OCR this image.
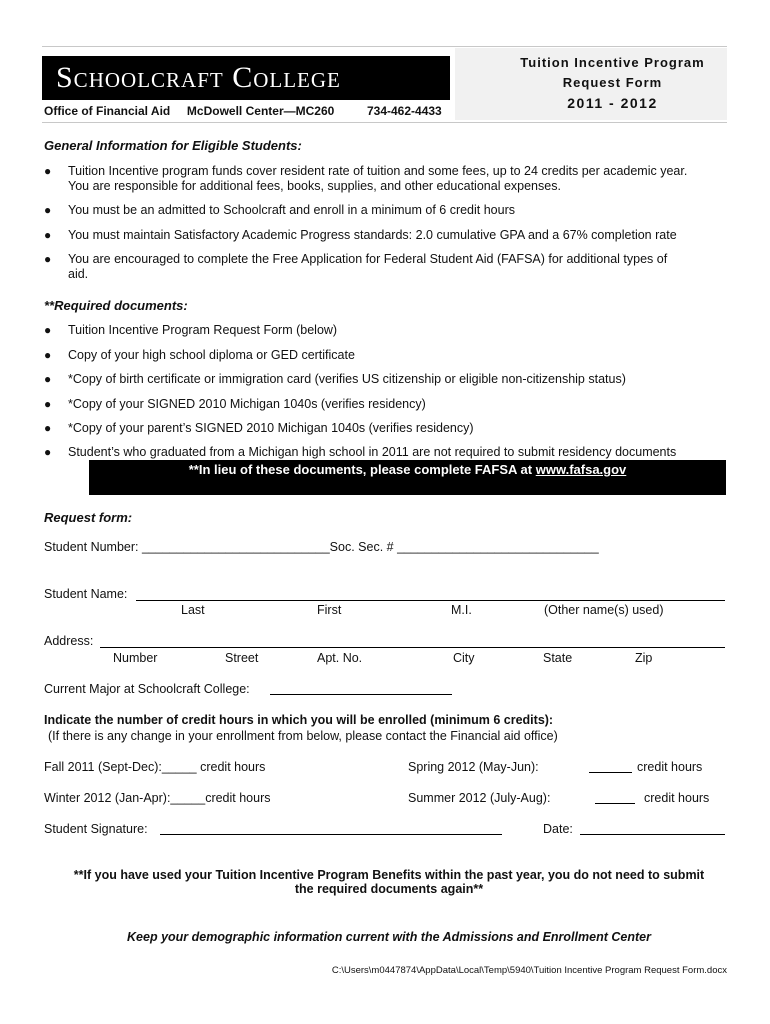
Schoolcraft College
Office of Financial Aid McDowell Center—MC260	734-462-4433
Tuition Incentive Program
Request Form
2011 - 2012
General Information for Eligible Students:
●	Tuition Incentive program funds cover resident rate of tuition and some fees, up to 24 credits per academic year.
You are responsible for additional fees, books, supplies, and other educational expenses.
●	You must be an admitted to Schoolcraft and enroll in a minimum of 6 credit hours
●	You must maintain Satisfactory Academic Progress standards: 2.0 cumulative GPA and a 67% completion rate
●	You are encouraged to complete the Free Application for Federal Student Aid (FAFSA) for additional types of
aid.
**Required documents:
●	Tuition Incentive Program Request Form (below)
●	Copy of your high school diploma or GED certificate
●	*Copy of birth certificate or immigration card (verifies US citizenship or eligible non-citizenship status)
●	*Copy of your SIGNED 2010 Michigan 1040s (verifies residency)
●	*Copy of your parent’s SIGNED 2010 Michigan 1040s (verifies residency)
●	Student’s who graduated from a Michigan high school in 2011 are not required to submit residency documents
**In lieu of these documents, please complete FAFSA at www.fafsa.gov
Request form:
Student Number: ___________________________Soc. Sec. # _____________________________
Student Name:
Last	First	M.I.	(Other name(s) used)
Address:
Number	Street	Apt. No.	City	State	Zip
Current Major at Schoolcraft College:
Indicate the number of credit hours in which you will be enrolled (minimum 6 credits):
(If there is any change in your enrollment from below, please contact the Financial aid office)
Fall 2011 (Sept-Dec):_____ credit hours	Spring 2012 (May-Jun):	credit hours
Winter 2012 (Jan-Apr):_____credit hours	Summer 2012 (July-Aug):	credit hours
Student Signature:	Date:
**If you have used your Tuition Incentive Program Benefits within the past year, you do not need to submit
the required documents again**
Keep your demographic information current with the Admissions and Enrollment Center
C:\Users\m0447874\AppData\Local\Temp\5940\Tuition Incentive Program Request Form.docx
